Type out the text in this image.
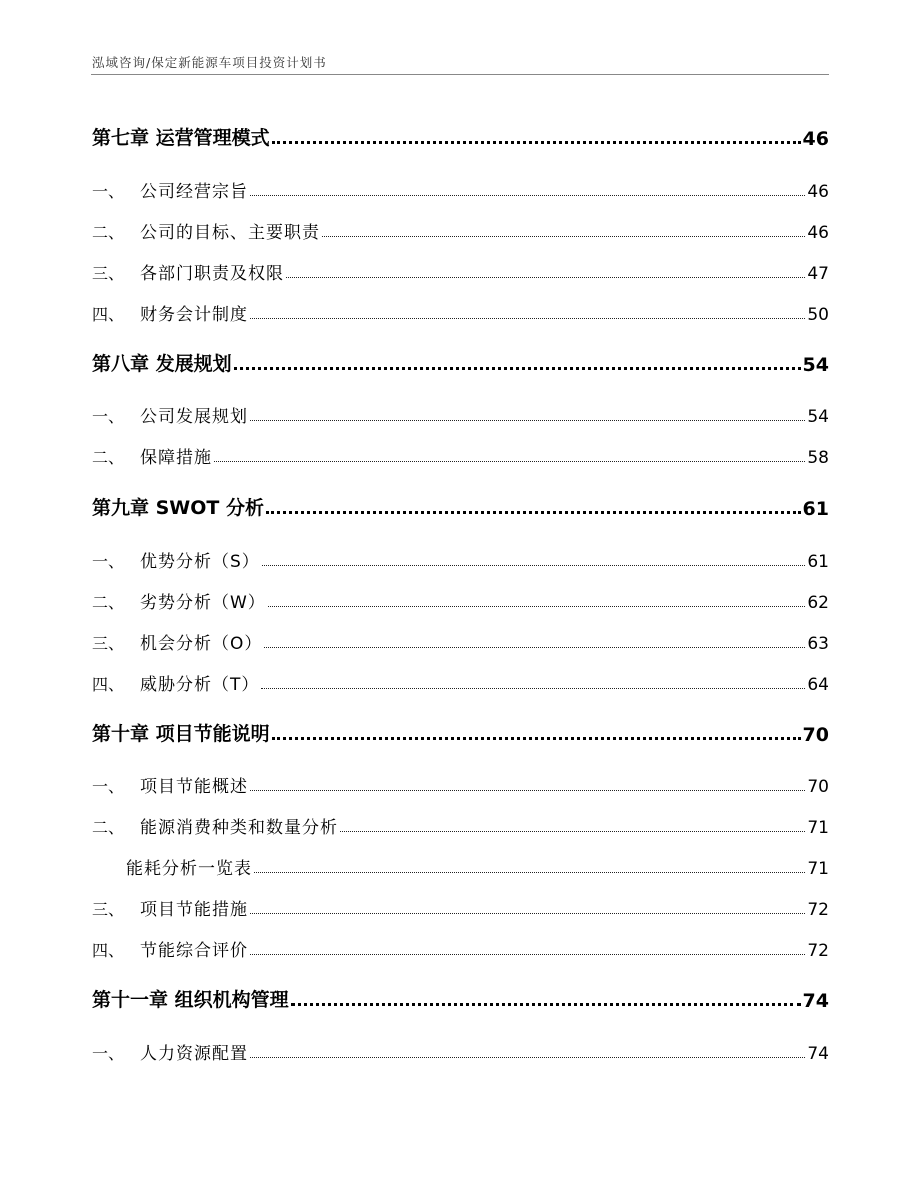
泓域咨询/保定新能源车项目投资计划书
第七章 运营管理模式	46
一、 公司经营宗旨	46
二、 公司的目标、主要职责	46
三、 各部门职责及权限	47
四、 财务会计制度	50
第八章 发展规划	54
一、 公司发展规划	54
二、 保障措施	58
第九章 SWOT 分析	61
一、 优势分析（S）	61
二、 劣势分析（W）	62
三、 机会分析（O）	63
四、 威胁分析（T）	64
第十章 项目节能说明	70
一、 项目节能概述	70
二、 能源消费种类和数量分析	71
能耗分析一览表	71
三、 项目节能措施	72
四、 节能综合评价	72
第十一章 组织机构管理	74
一、 人力资源配置	74
